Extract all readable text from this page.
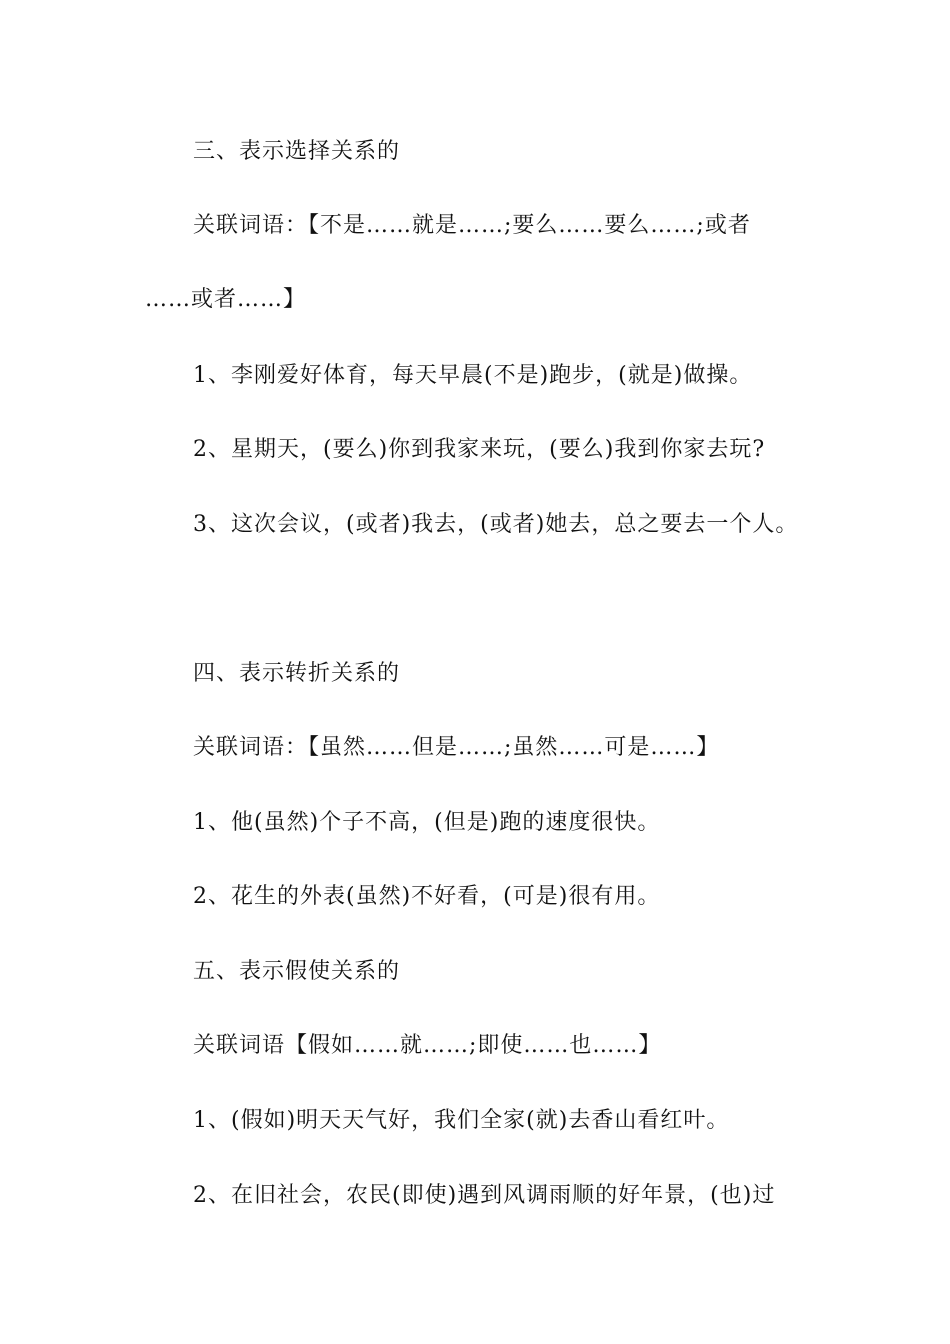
三、表示选择关系的
关联词语：【不是……就是……;要么……要么……;或者
……或者……】
1、李刚爱好体育，每天早晨(不是)跑步，(就是)做操。
2、星期天，(要么)你到我家来玩，(要么)我到你家去玩?
3、这次会议，(或者)我去，(或者)她去，总之要去一个人。
四、表示转折关系的
关联词语：【虽然……但是……;虽然……可是……】
1、他(虽然)个子不高，(但是)跑的速度很快。
2、花生的外表(虽然)不好看，(可是)很有用。
五、表示假使关系的
关联词语【假如……就……;即使……也……】
1、(假如)明天天气好，我们全家(就)去香山看红叶。
2、在旧社会，农民(即使)遇到风调雨顺的好年景，(也)过
